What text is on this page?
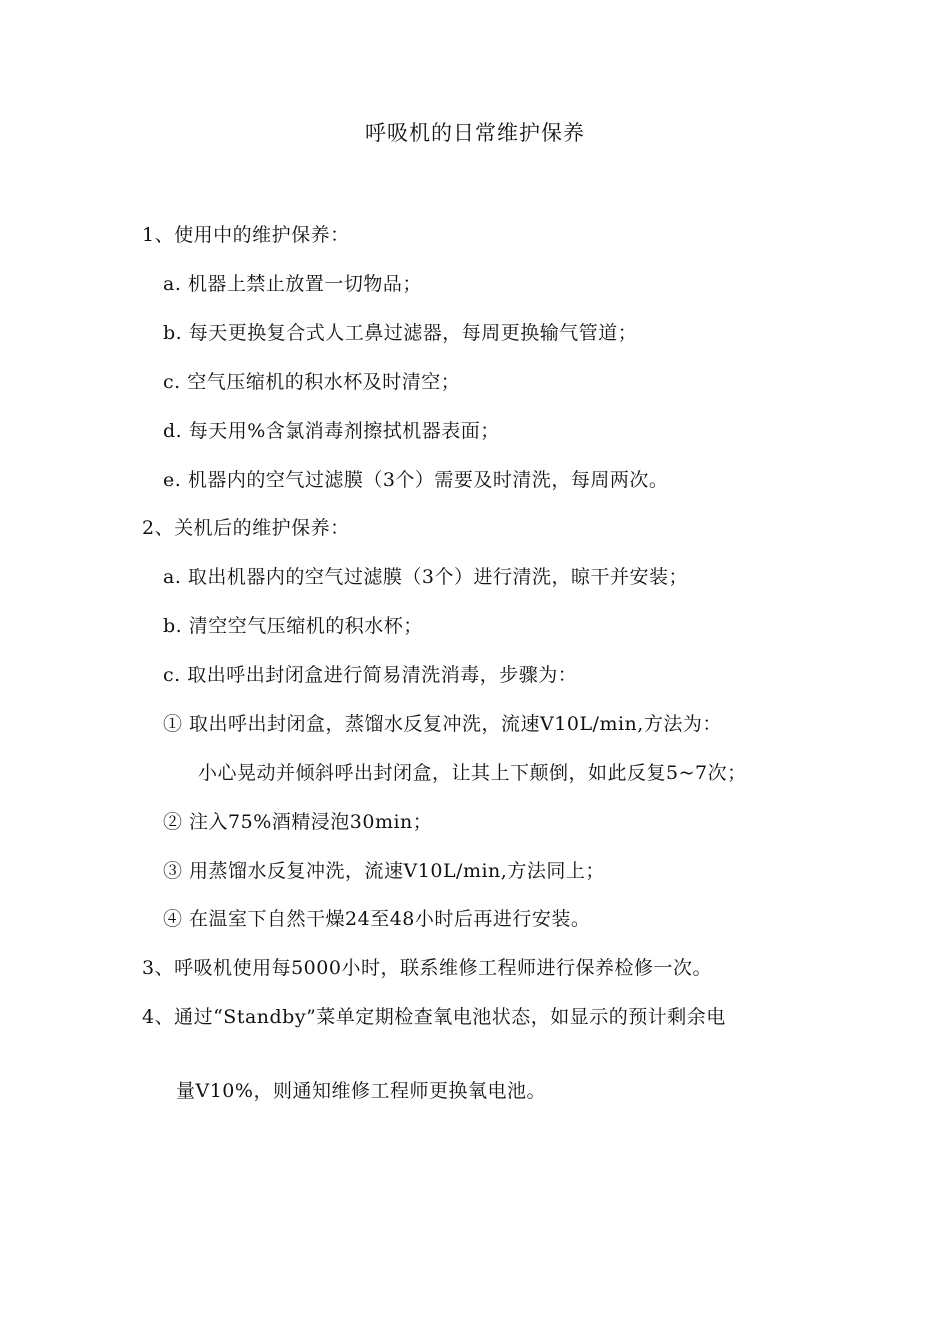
呼吸机的日常维护保养
1、使用中的维护保养：
a. 机器上禁止放置一切物品；
b. 每天更换复合式人工鼻过滤器，每周更换输气管道；
c. 空气压缩机的积水杯及时清空；
d. 每天用%含氯消毒剂擦拭机器表面；
e. 机器内的空气过滤膜（3个）需要及时清洗，每周两次。
2、关机后的维护保养：
a. 取出机器内的空气过滤膜（3个）进行清洗，晾干并安装；
b. 清空空气压缩机的积水杯；
c. 取出呼出封闭盒进行简易清洗消毒，步骤为：
① 取出呼出封闭盒，蒸馏水反复冲洗，流速V10L/min,方法为：
小心晃动并倾斜呼出封闭盒，让其上下颠倒，如此反复5~7次；
② 注入75%酒精浸泡30min；
③ 用蒸馏水反复冲洗，流速V10L/min,方法同上；
④ 在温室下自然干燥24至48小时后再进行安装。
3、呼吸机使用每5000小时，联系维修工程师进行保养检修一次。
4、通过“Standby”菜单定期检查氧电池状态，如显示的预计剩余电
量V10%，则通知维修工程师更换氧电池。
